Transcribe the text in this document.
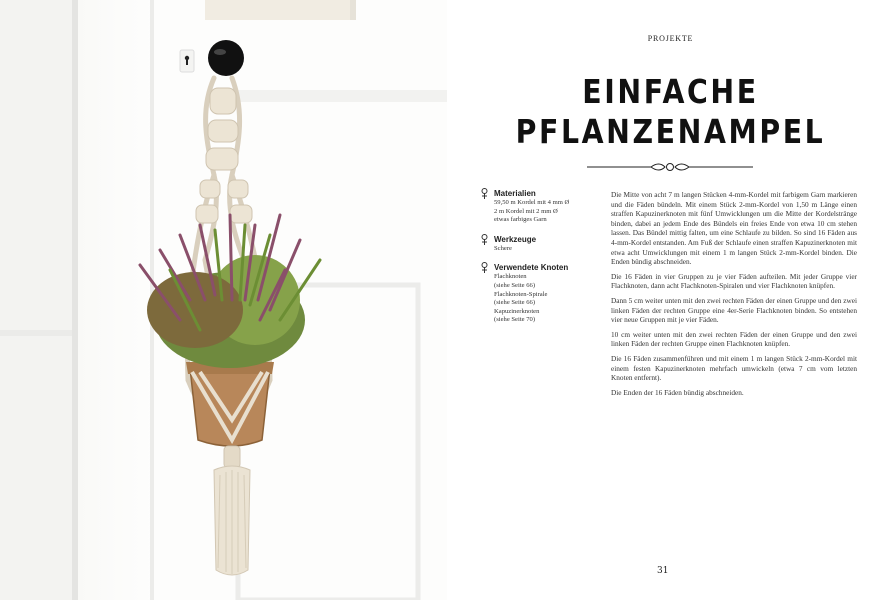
PROJEKTE
EINFACHE
PFLANZENAMPEL
Materialien
59,50 m Kordel mit 4 mm Ø
2 m Kordel mit 2 mm Ø
etwas farbiges Garn
Werkzeuge
Schere
Verwendete Knoten
Flachknoten
(siehe Seite 66)
Flachknoten-Spirale
(siehe Seite 66)
Kapuzinerknoten
(siehe Seite 70)

Die Mitte von acht 7 m langen Stücken 4-mm-Kordel mit farbigem Garn markieren und die Fäden bündeln. Mit einem Stück 2-mm-Kordel von 1,50 m Länge einen straffen Kapuzinerknoten mit fünf Umwicklungen um die Mitte der Kordelstränge binden, dabei an jedem Ende des Bündels ein freies Ende von etwa 10 cm stehen lassen. Das Bündel mittig falten, um eine Schlaufe zu bilden. So sind 16 Fäden aus 4-mm-Kordel entstanden. Am Fuß der Schlaufe einen straffen Kapuzinerknoten mit etwa acht Umwicklungen mit einem 1 m langen Stück 2-mm-Kordel binden. Die Enden bündig abschneiden.

Die 16 Fäden in vier Gruppen zu je vier Fäden aufteilen. Mit jeder Gruppe vier Flachknoten, dann acht Flachknoten-Spiralen und vier Flachknoten knüpfen.

Dann 5 cm weiter unten mit den zwei rechten Fäden der einen Gruppe und den zwei linken Fäden der rechten Gruppe eine 4er-Serie Flachknoten binden. So entstehen vier neue Gruppen mit je vier Fäden.

10 cm weiter unten mit den zwei rechten Fäden der einen Gruppe und den zwei linken Fäden der rechten Gruppe einen Flachknoten knüpfen.

Die 16 Fäden zusammenführen und mit einem 1 m langen Stück 2-mm-Kordel mit einem festen Kapuzinerknoten mehrfach umwickeln (etwa 7 cm vom letzten Knoten entfernt).

Die Enden der 16 Fäden bündig abschneiden.

31
